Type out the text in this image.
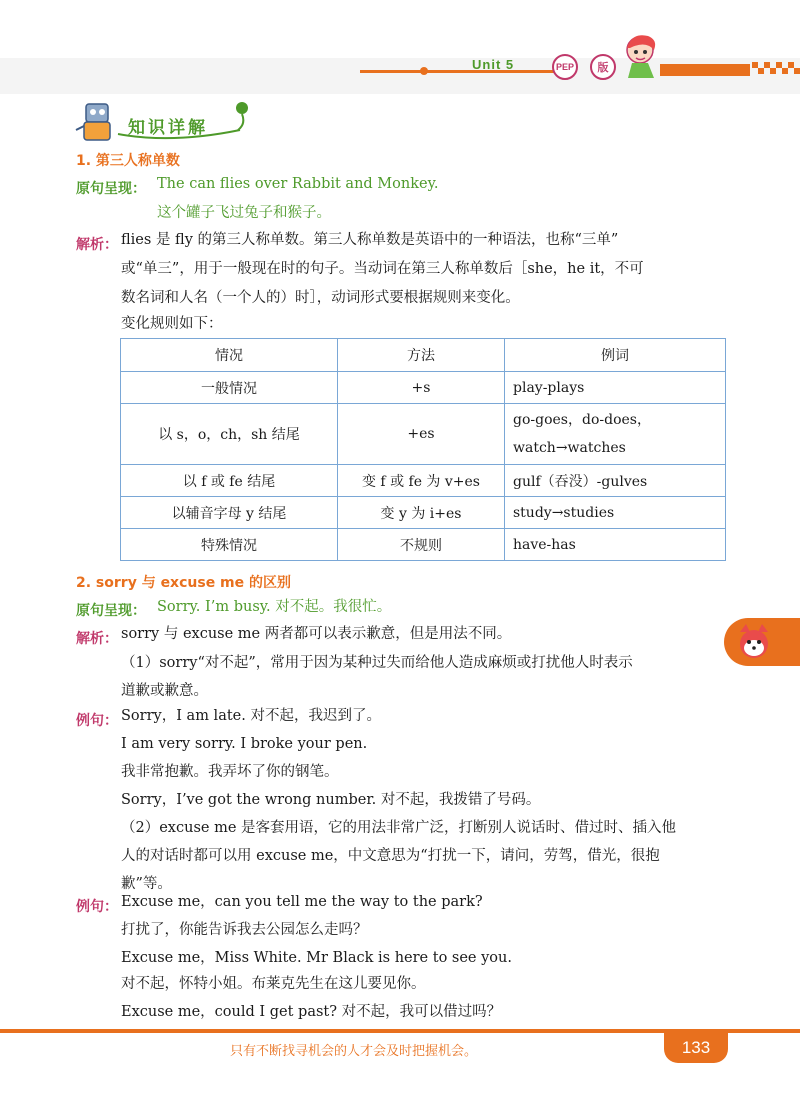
Unit 5	PEP	版
知识详解
1. 第三人称单数
原句呈现： The can flies over Rabbit and Monkey.
这个罐子飞过兔子和猴子。
解析： flies 是 fly 的第三人称单数。第三人称单数是英语中的一种语法，也称“三单”
或“单三”，用于一般现在时的句子。当动词在第三人称单数后［she，he it，不可
数名词和人名（一个人的）时］，动词形式要根据规则来变化。
变化规则如下：
情况	方法	例词
一般情况	+s	play-plays
以 s，o，ch，sh 结尾	+es	go-goes，do-does，
watch→watches

以 f 或 fe 结尾	变 f 或 fe 为 v+es	gulf（吞没）-gulves
以辅音字母 y 结尾	变 y 为 i+es	study→studies
特殊情况	不规则	have-has
2. sorry 与 excuse me 的区别
原句呈现： Sorry. I’m busy. 对不起。我很忙。
解析： sorry 与 excuse me 两者都可以表示歉意，但是用法不同。
（1）sorry“对不起”，常用于因为某种过失而给他人造成麻烦或打扰他人时表示
道歉或歉意。
例句： Sorry，I am late. 对不起，我迟到了。
I am very sorry. I broke your pen.
我非常抱歉。我弄坏了你的钢笔。
Sorry，I’ve got the wrong number. 对不起，我拨错了号码。
（2）excuse me 是客套用语，它的用法非常广泛，打断别人说话时、借过时、插入他
人的对话时都可以用 excuse me，中文意思为“打扰一下，请问，劳驾，借光，很抱
歉”等。
例句： Excuse me，can you tell me the way to the park?
打扰了，你能告诉我去公园怎么走吗？
Excuse me，Miss White. Mr Black is here to see you.
对不起，怀特小姐。布莱克先生在这儿要见你。
Excuse me，could I get past? 对不起，我可以借过吗？
只有不断找寻机会的人才会及时把握机会。	133
